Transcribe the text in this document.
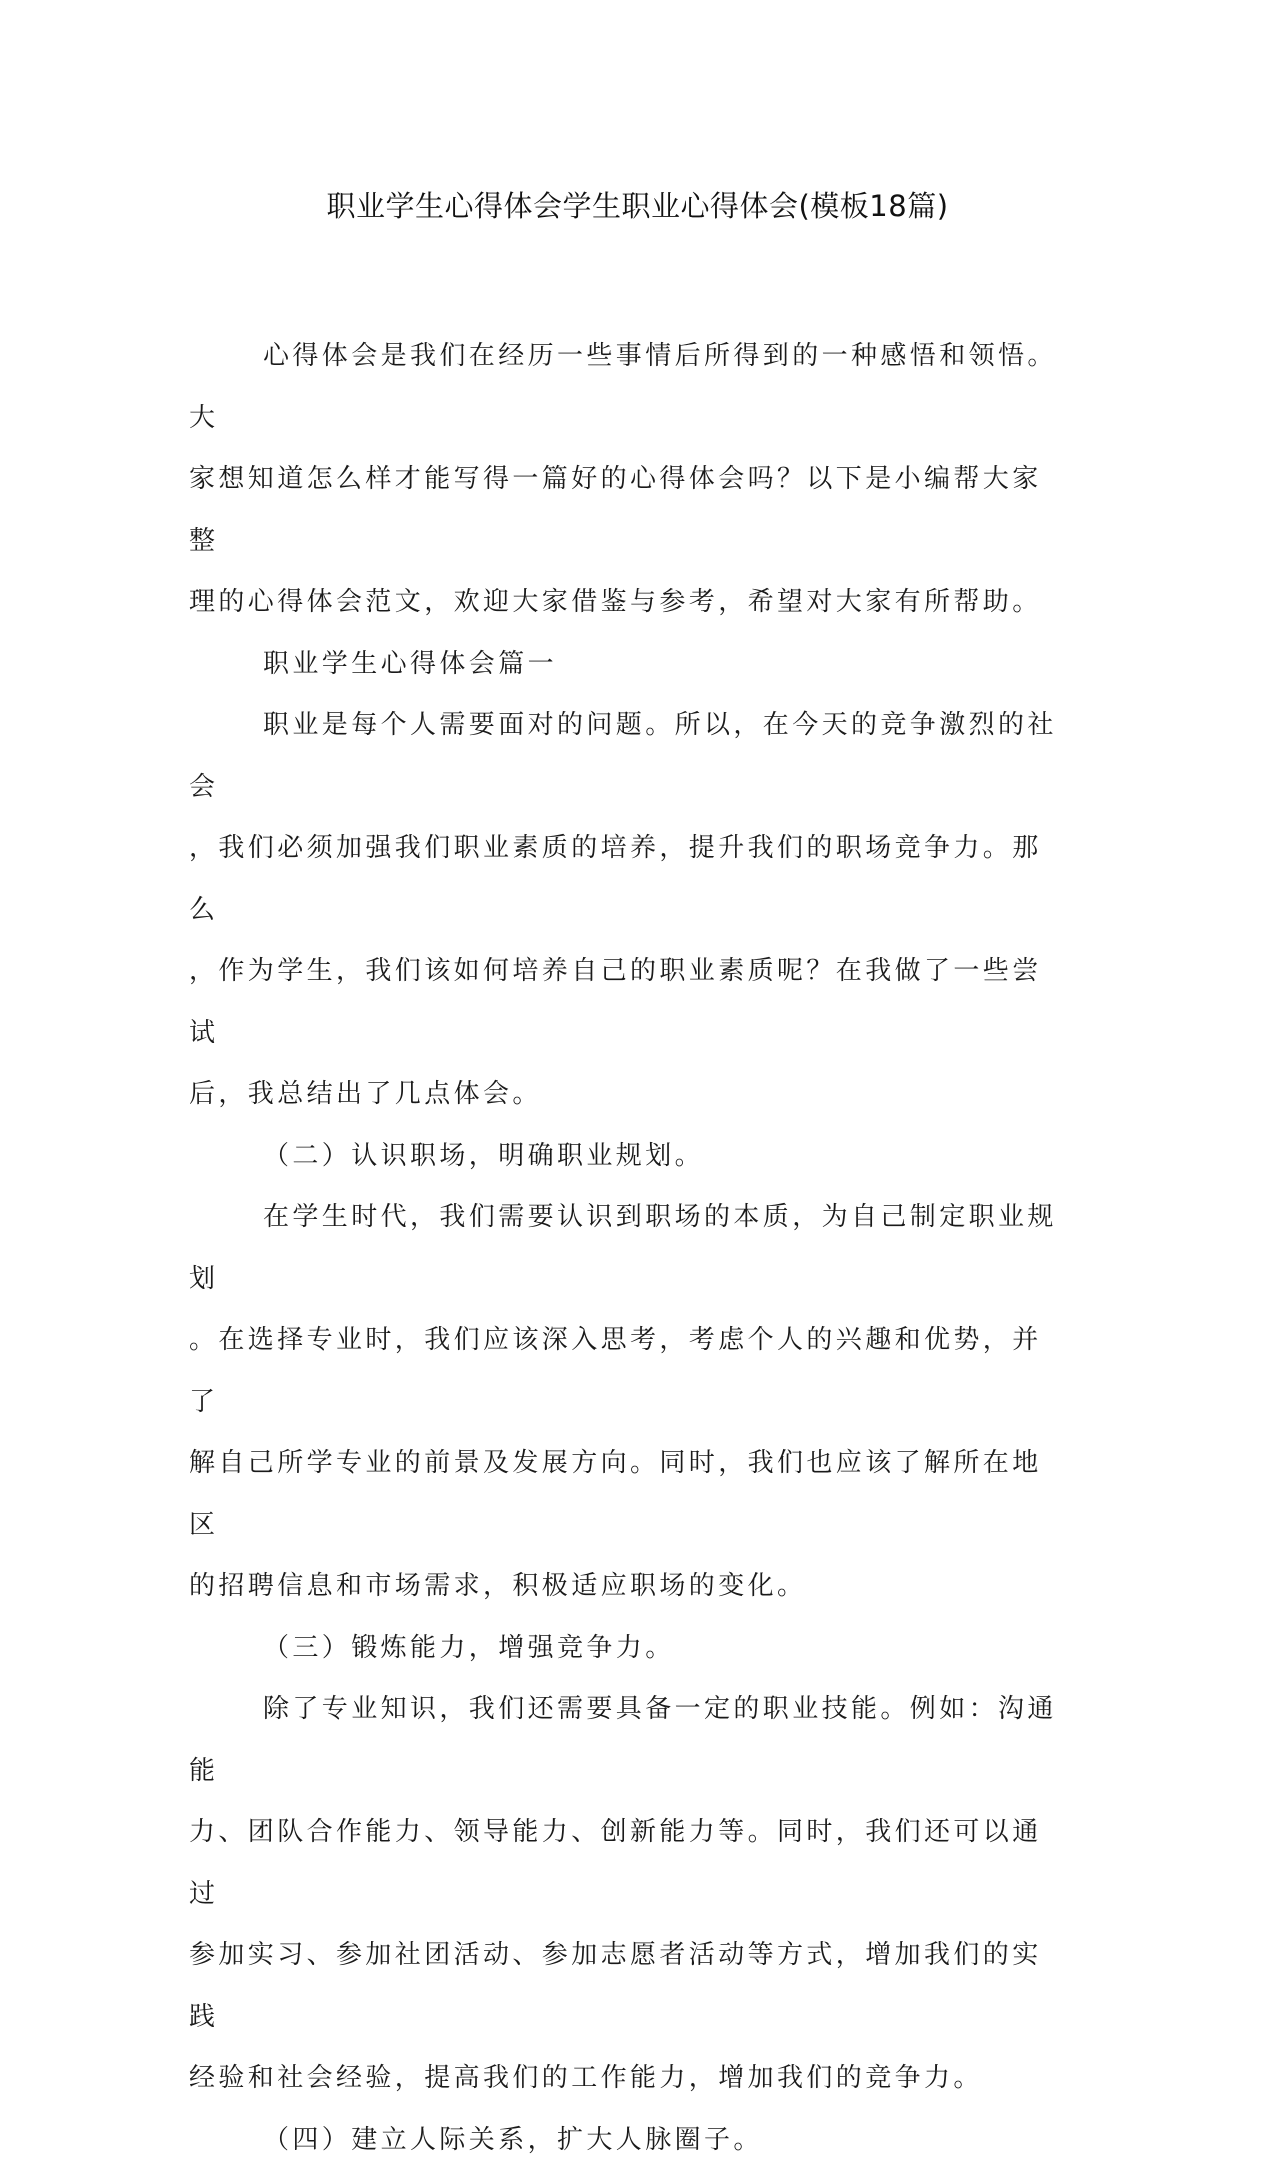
职业学生心得体会学生职业心得体会(模板18篇)

心得体会是我们在经历一些事情后所得到的一种感悟和领悟。大
家想知道怎么样才能写得一篇好的心得体会吗？以下是小编帮大家整
理的心得体会范文，欢迎大家借鉴与参考，希望对大家有所帮助。

职业学生心得体会篇一

职业是每个人需要面对的问题。所以，在今天的竞争激烈的社会
，我们必须加强我们职业素质的培养，提升我们的职场竞争力。那么
，作为学生，我们该如何培养自己的职业素质呢？在我做了一些尝试
后，我总结出了几点体会。

（二）认识职场，明确职业规划。

在学生时代，我们需要认识到职场的本质，为自己制定职业规划
。在选择专业时，我们应该深入思考，考虑个人的兴趣和优势，并了
解自己所学专业的前景及发展方向。同时，我们也应该了解所在地区
的招聘信息和市场需求，积极适应职场的变化。

（三）锻炼能力，增强竞争力。

除了专业知识，我们还需要具备一定的职业技能。例如：沟通能
力、团队合作能力、领导能力、创新能力等。同时，我们还可以通过
参加实习、参加社团活动、参加志愿者活动等方式，增加我们的实践
经验和社会经验，提高我们的工作能力，增加我们的竞争力。

（四）建立人际关系，扩大人脉圈子。
